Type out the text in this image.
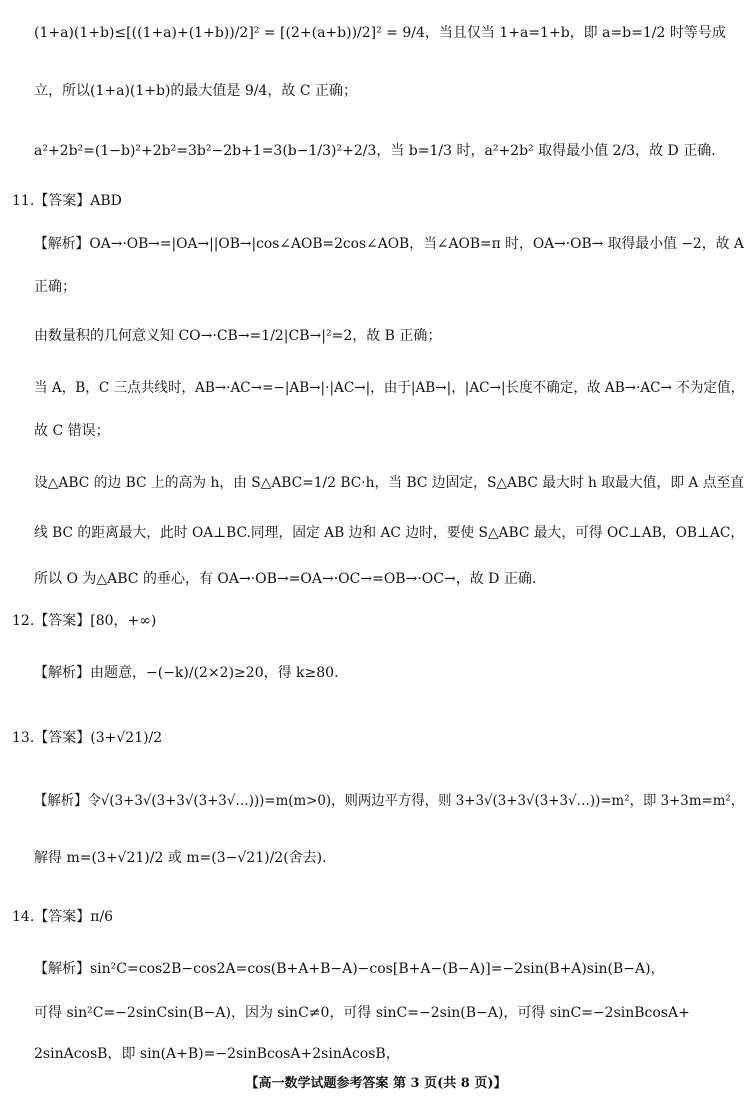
(1+a)(1+b)≤[((1+a)+(1+b))/2]² = [(2+(a+b))/2]² = 9/4，当且仅当 1+a=1+b，即 a=b=1/2 时等号成
立，所以(1+a)(1+b)的最大值是 9/4，故 C 正确；
a²+2b²=(1−b)²+2b²=3b²−2b+1=3(b−1/3)²+2/3，当 b=1/3 时，a²+2b² 取得最小值 2/3，故 D 正确.
11.【答案】ABD
【解析】OA→·OB→=|OA→||OB→|cos∠AOB=2cos∠AOB，当∠AOB=π 时，OA→·OB→ 取得最小值 −2，故 A
正确；
由数量积的几何意义知 CO→·CB→=1/2|CB→|²=2，故 B 正确；
当 A，B，C 三点共线时，AB→·AC→=−|AB→|·|AC→|，由于|AB→|，|AC→|长度不确定，故 AB→·AC→ 不为定值，
故 C 错误；
设△ABC 的边 BC 上的高为 h，由 S△ABC=1/2 BC·h，当 BC 边固定，S△ABC 最大时 h 取最大值，即 A 点至直
线 BC 的距离最大，此时 OA⊥BC.同理，固定 AB 边和 AC 边时，要使 S△ABC 最大，可得 OC⊥AB，OB⊥AC，
所以 O 为△ABC 的垂心，有 OA→·OB→=OA→·OC→=OB→·OC→，故 D 正确.
12.【答案】[80，+∞)
【解析】由题意，−(−k)/(2×2)≥20，得 k≥80.
13.【答案】(3+√21)/2
【解析】令√(3+3√(3+3√(3+3√…)))=m(m>0)，则两边平方得，则 3+3√(3+3√(3+3√…))=m²，即 3+3m=m²，
解得 m=(3+√21)/2 或 m=(3−√21)/2(舍去).
14.【答案】π/6
【解析】sin²C=cos2B−cos2A=cos(B+A+B−A)−cos[B+A−(B−A)]=−2sin(B+A)sin(B−A)，
可得 sin²C=−2sinCsin(B−A)，因为 sinC≠0，可得 sinC=−2sin(B−A)，可得 sinC=−2sinBcosA+
2sinAcosB，即 sin(A+B)=−2sinBcosA+2sinAcosB，
【高一数学试题参考答案 第 3 页(共 8 页)】
